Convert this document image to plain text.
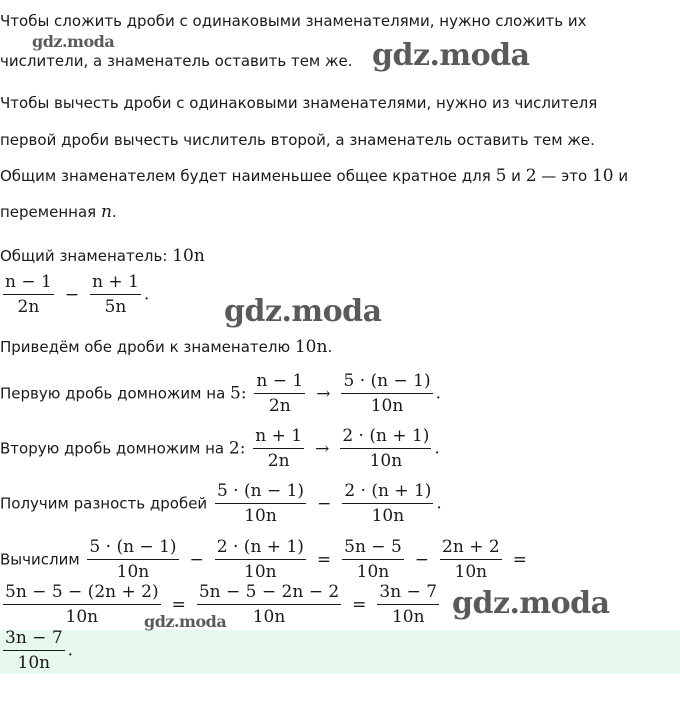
Чтобы сложить дроби с одинаковыми знаменателями, нужно сложить их
числители, а знаменатель оставить тем же.
Чтобы вычесть дроби с одинаковыми знаменателями, нужно из числителя
первой дроби вычесть числитель второй, а знаменатель оставить тем же.
Общим знаменателем будет наименьшее общее кратное для 5 и 2 — это 10 и
переменная n.
Общий знаменатель: 10n
$\frac{n - 1}{2n} - \frac{n + 1}{5n}$ .
Приведём обе дроби к знаменателю 10n.
Первую дробь домножим на 5: $\frac{n - 1}{2n} \to \frac{5 \cdot (n - 1)}{10n}$ .
Вторую дробь домножим на 2: $\frac{n + 1}{2n} \to \frac{2 \cdot (n + 1)}{10n}$ .
Получим разность дробей $\frac{5 \cdot (n - 1)}{10n} - \frac{2 \cdot (n + 1)}{10n}$ .
Вычислим $\frac{5 \cdot (n - 1)}{10n} - \frac{2 \cdot (n + 1)}{10n} = \frac{5n - 5}{10n} - \frac{2n + 2}{10n}$ =
$\frac{5n - 5 - (2n + 2)}{10n} = \frac{5n - 5 - 2n - 2}{10n} = \frac{3n - 7}{10n}$
$\frac{3n - 7}{10n}$ .
gdz.moda	gdz.moda
gdz.moda
gdz.moda
gdz.moda
